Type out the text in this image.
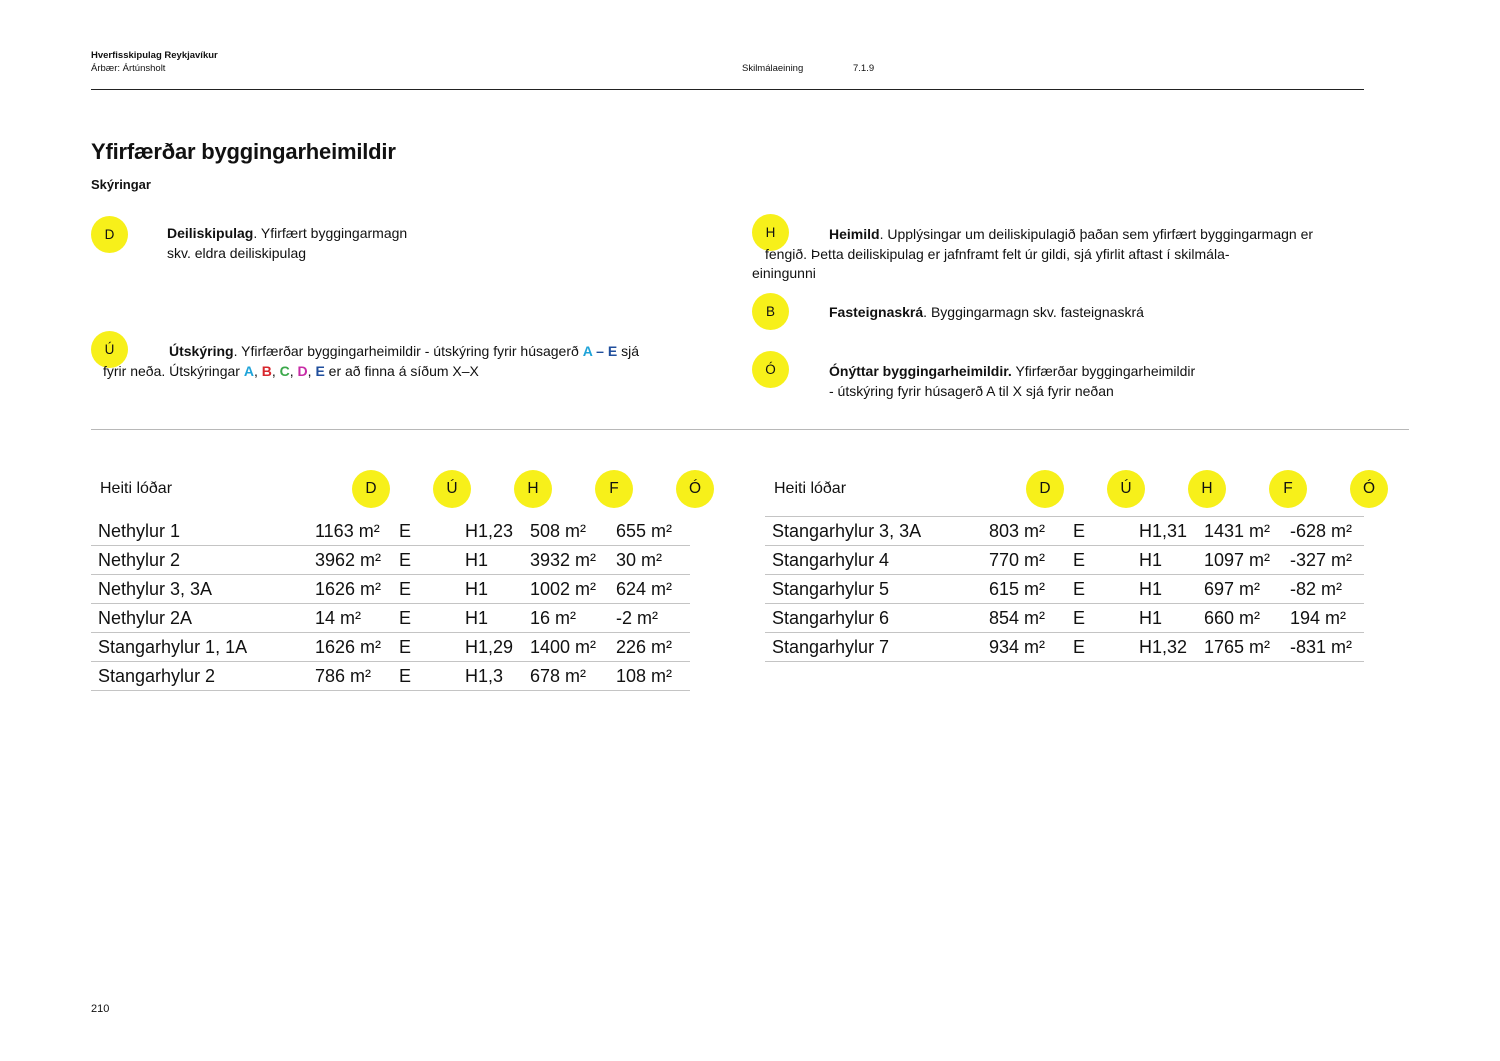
Hverfisskipulag Reykjavíkur
Árbær: Ártúnsholt	Skilmálaeining	7.1.9
Yfirfærðar byggingarheimildir
Skýringar
D	Deiliskipulag. Yfirfært byggingarmagn
skv. eldra deiliskipulag
Ú	Útskýring. Yfirfærðar byggingarheimildir - útskýring fyrir húsagerð A – E sjá
fyrir neða. Útskýringar A, B, C, D, E er að finna á síðum X–X
H	Heimild. Upplýsingar um deiliskipulagið þaðan sem yfirfært byggingarmagn er
fengið. Þetta deiliskipulag er jafnframt felt úr gildi, sjá yfirlit aftast í skilmála-
einingunni
B	Fasteignaskrá. Byggingarmagn skv. fasteignaskrá
Ó	Ónýttar byggingarheimildir. Yfirfærðar byggingarheimildir
- útskýring fyrir húsagerð A til X sjá fyrir neðan
Heiti lóðar	D	Ú	H	F	Ó
Nethylur 1	1163 m² E	H1,23 508 m² 655 m²
Nethylur 2	3962 m² E	H1 3932 m² 30 m²
Nethylur 3, 3A	1626 m² E	H1 1002 m² 624 m²
Nethylur 2A	14 m² E	H1 16 m² -2 m²
Stangarhylur 1, 1A	1626 m² E	H1,29 1400 m² 226 m²
Stangarhylur 2	786 m² E	H1,3 678 m² 108 m²
Heiti lóðar	D	Ú	H	F	Ó
Stangarhylur 3, 3A	803 m² E	H1,31 1431 m² -628 m²
Stangarhylur 4	770 m² E	H1 1097 m² -327 m²
Stangarhylur 5	615 m² E	H1 697 m² -82 m²
Stangarhylur 6	854 m² E	H1 660 m² 194 m²
Stangarhylur 7	934 m² E	H1,32 1765 m² -831 m²
210
